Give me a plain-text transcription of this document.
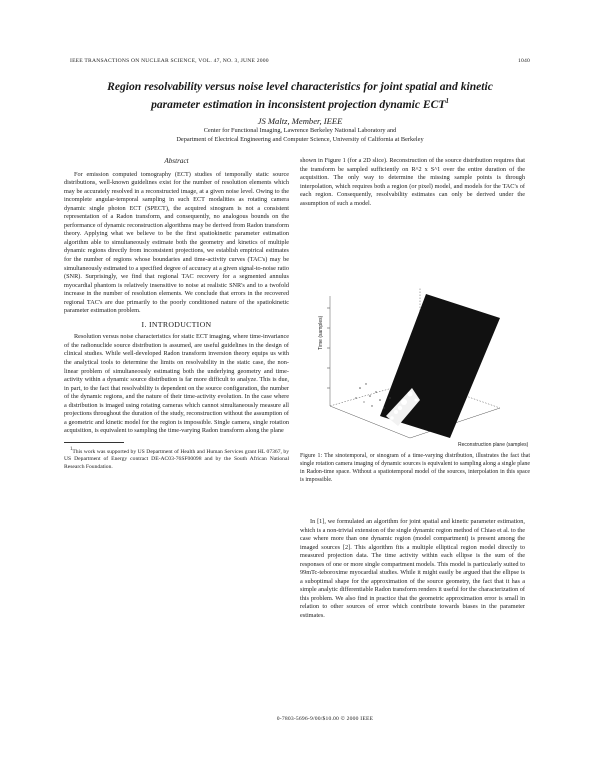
IEEE TRANSACTIONS ON NUCLEAR SCIENCE, VOL. 47, NO. 3, JUNE 2000	1040
Region resolvability versus noise level characteristics for joint spatial and kinetic
parameter estimation in inconsistent projection dynamic ECT$^1$
JS Maltz, Member, IEEE
Center for Functional Imaging, Lawrence Berkeley National Laboratory and
Department of Electrical Engineering and Computer Science, University of California at Berkeley

Abstract

For emission computed tomography (ECT) studies of temporally static source distributions, well-known guidelines exist for the number of resolution elements which may be accurately resolved in a reconstructed image, at a given noise level. Owing to the incomplete angular-temporal sampling in such ECT modalities as rotating camera dynamic single photon ECT (SPECT), the acquired sinogram is not a consistent representation of a Radon transform, and consequently, no analogous bounds on the performance of dynamic reconstruction algorithms may be derived from Radon transform theory. Applying what we believe to be the first spatiokinetic parameter estimation algorithm able to simultaneously estimate both the geometry and kinetics of multiple dynamic regions directly from inconsistent projections, we establish empirical estimates for the number of regions whose boundaries and time-activity curves (TAC's) may be simultaneously estimated to a specified degree of accuracy at a given signal-to-noise ratio (SNR). Surprisingly, we find that regional TAC recovery for a segmented annulus myocardial phantom is relatively insensitive to noise at realistic SNR's and to a twofold increase in the number of resolution elements. We conclude that errors in the recovered regional TAC's are due primarily to the poorly conditioned nature of the spatiokinetic parameter estimation problem.

I. INTRODUCTION

Resolution versus noise characteristics for static ECT imaging, where time-invariance of the radionuclide source distribution is assumed, are useful guidelines in the design of clinical studies. While well-developed Radon transform inversion theory equips us with the analytical tools to determine the limits on resolvability in the static case, the non-linear problem of simultaneously estimating both the underlying geometry and time-activity within a dynamic source distribution is far more difficult to analyze. This is due, in part, to the fact that resolvability is dependent on the source configuration, the number of the dynamic regions, and the nature of their time-activity evolution. In the case where a distribution is imaged using rotating cameras which cannot simultaneously measure all projections throughout the duration of the study, reconstruction without the assumption of a geometric and kinetic model for the region is impossible. Single camera, single rotation acquisition, is equivalent to sampling the time-varying Radon transform along the plane

$^1$This work was supported by US Department of Health and Human Services grant HL 07367, by US Department of Energy contract DE-AC03-76SF00098 and by the South African National Research Foundation.

shown in Figure 1 (for a 2D slice). Reconstruction of the source distribution requires that the transform be sampled sufficiently on R^2 x S^1 over the entire duration of the acquisition. The only way to determine the missing sample points is through interpolation, which requires both a region (or pixel) model, and models for the TAC's of each region. Consequently, resolvability estimates can only be derived under the assumption of such a model.

Time (samples)
Reconstruction plane (samples)
Figure 1: The sinotemporal, or sinogram of a time-varying distribution, illustrates the fact that single rotation camera imaging of dynamic sources is equivalent to sampling along a single plane in Radon-time space. Without a spatiotemporal model of the sources, interpolation in this space is impossible.

In [1], we formulated an algorithm for joint spatial and kinetic parameter estimation, which is a non-trivial extension of the single dynamic region method of Chiao et al. to the case where more than one dynamic region (model compartment) is present among the imaged sources [2]. This algorithm fits a multiple elliptical region model directly to measured projection data. The time activity within each ellipse is the sum of the responses of one or more single compartment models. This model is particularly suited to 99mTc-teboroxime myocardial studies. While it might easily be argued that the ellipse is a suboptimal shape for the approximation of the source geometry, the fact that it has a simple analytic differentiable Radon transform renders it useful for the characterization of this problem. We also find in practice that the geometric approximation error is small in relation to other sources of error which contribute towards biases in the parameter estimates.

0-7803-5696-9/00/$10.00 © 2000 IEEE
